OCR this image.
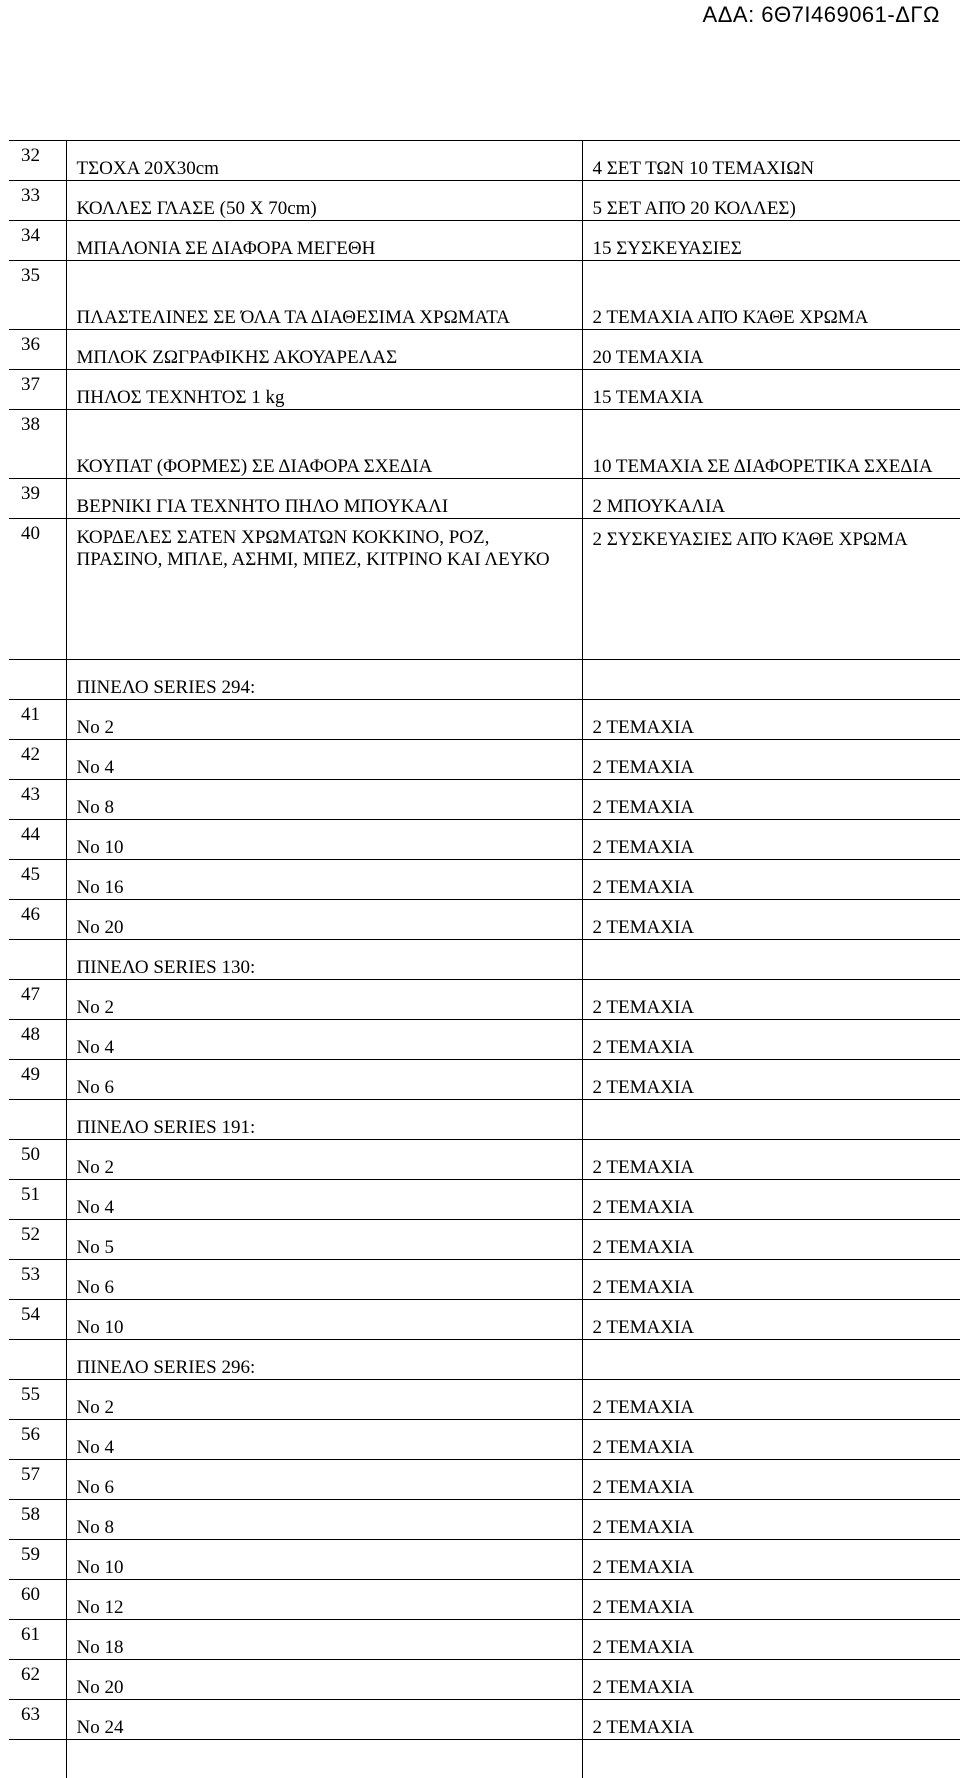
ΑΔΑ: 6Θ7Ι469061-ΔΓΩ
32	ΤΣΟΧΑ 20Χ30cm	4 ΣΕΤ ΤΩΝ 10 ΤΕΜΑΧΙΩΝ
33	ΚΟΛΛΕΣ ΓΛΑΣΕ (50 Χ 70cm)	5 ΣΕΤ ΑΠΌ 20 ΚΟΛΛΕΣ)
34	ΜΠΑΛΟΝΙΑ ΣΕ ΔΙΑΦΟΡΑ ΜΕΓΕΘΗ	15 ΣΥΣΚΕΥΑΣΙΕΣ
35	ΠΛΑΣΤΕΛΙΝΕΣ ΣΕ ΌΛΑ ΤΑ ΔΙΑΘΕΣΙΜΑ ΧΡΩΜΑΤΑ	2 ΤΕΜΑΧΙΑ ΑΠΌ ΚΆΘΕ ΧΡΩΜΑ
36	ΜΠΛΟΚ ΖΩΓΡΑΦΙΚΗΣ ΑΚΟΥΑΡΕΛΑΣ	20 ΤΕΜΑΧΙΑ
37	ΠΗΛΟΣ ΤΕΧΝΗΤΟΣ 1 kg	15 ΤΕΜΑΧΙΑ
38	ΚΟΥΠΑΤ (ΦΟΡΜΕΣ) ΣΕ ΔΙΑΦΟΡΑ ΣΧΕΔΙΑ	10 ΤΕΜΑΧΙΑ ΣΕ ΔΙΑΦΟΡΕΤΙΚΑ ΣΧΕΔΙΑ
39	ΒΕΡΝΙΚΙ ΓΙΑ ΤΕΧΝΗΤΟ ΠΗΛΟ ΜΠΟΥΚΑΛΙ	2 ΜΠΟΥΚΑΛΙΑ
40	ΚΟΡΔΕΛΕΣ ΣΑΤΕΝ ΧΡΩΜΑΤΩΝ ΚΟΚΚΙΝΟ, ΡΟΖ, ΠΡΑΣΙΝΟ, ΜΠΛΕ, ΑΣΗΜΙ, ΜΠΕΖ, ΚΙΤΡΙΝΟ ΚΑΙ ΛΕΥΚΟ	2 ΣΥΣΚΕΥΑΣΙΕΣ ΑΠΌ ΚΆΘΕ ΧΡΩΜΑ
	ΠΙΝΕΛΟ SERIES 294:	
41	No 2	2 ΤΕΜΑΧΙΑ
42	No 4	2 ΤΕΜΑΧΙΑ
43	No 8	2 ΤΕΜΑΧΙΑ
44	No 10	2 ΤΕΜΑΧΙΑ
45	No 16	2 ΤΕΜΑΧΙΑ
46	No 20	2 ΤΕΜΑΧΙΑ
	ΠΙΝΕΛΟ SERIES 130:	
47	No 2	2 ΤΕΜΑΧΙΑ
48	No 4	2 ΤΕΜΑΧΙΑ
49	No 6	2 ΤΕΜΑΧΙΑ
	ΠΙΝΕΛΟ SERIES 191:	
50	No 2	2 ΤΕΜΑΧΙΑ
51	No 4	2 ΤΕΜΑΧΙΑ
52	No 5	2 ΤΕΜΑΧΙΑ
53	No 6	2 ΤΕΜΑΧΙΑ
54	No 10	2 ΤΕΜΑΧΙΑ
	ΠΙΝΕΛΟ SERIES 296:	
55	No 2	2 ΤΕΜΑΧΙΑ
56	No 4	2 ΤΕΜΑΧΙΑ
57	No 6	2 ΤΕΜΑΧΙΑ
58	No 8	2 ΤΕΜΑΧΙΑ
59	No 10	2 ΤΕΜΑΧΙΑ
60	No 12	2 ΤΕΜΑΧΙΑ
61	No 18	2 ΤΕΜΑΧΙΑ
62	No 20	2 ΤΕΜΑΧΙΑ
63	No 24	2 ΤΕΜΑΧΙΑ
